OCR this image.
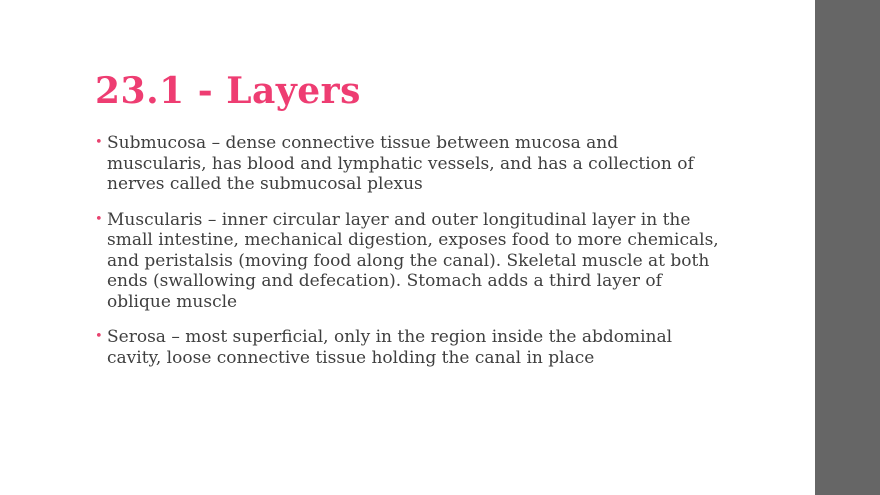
23.1 - Layers
• Submucosa – dense connective tissue between mucosa and muscularis, has blood and lymphatic vessels, and has a collection of nerves called the submucosal plexus
• Muscularis – inner circular layer and outer longitudinal layer in the small intestine, mechanical digestion, exposes food to more chemicals, and peristalsis (moving food along the canal). Skeletal muscle at both ends (swallowing and defecation). Stomach adds a third layer of oblique muscle
• Serosa – most superficial, only in the region inside the abdominal cavity, loose connective tissue holding the canal in place
